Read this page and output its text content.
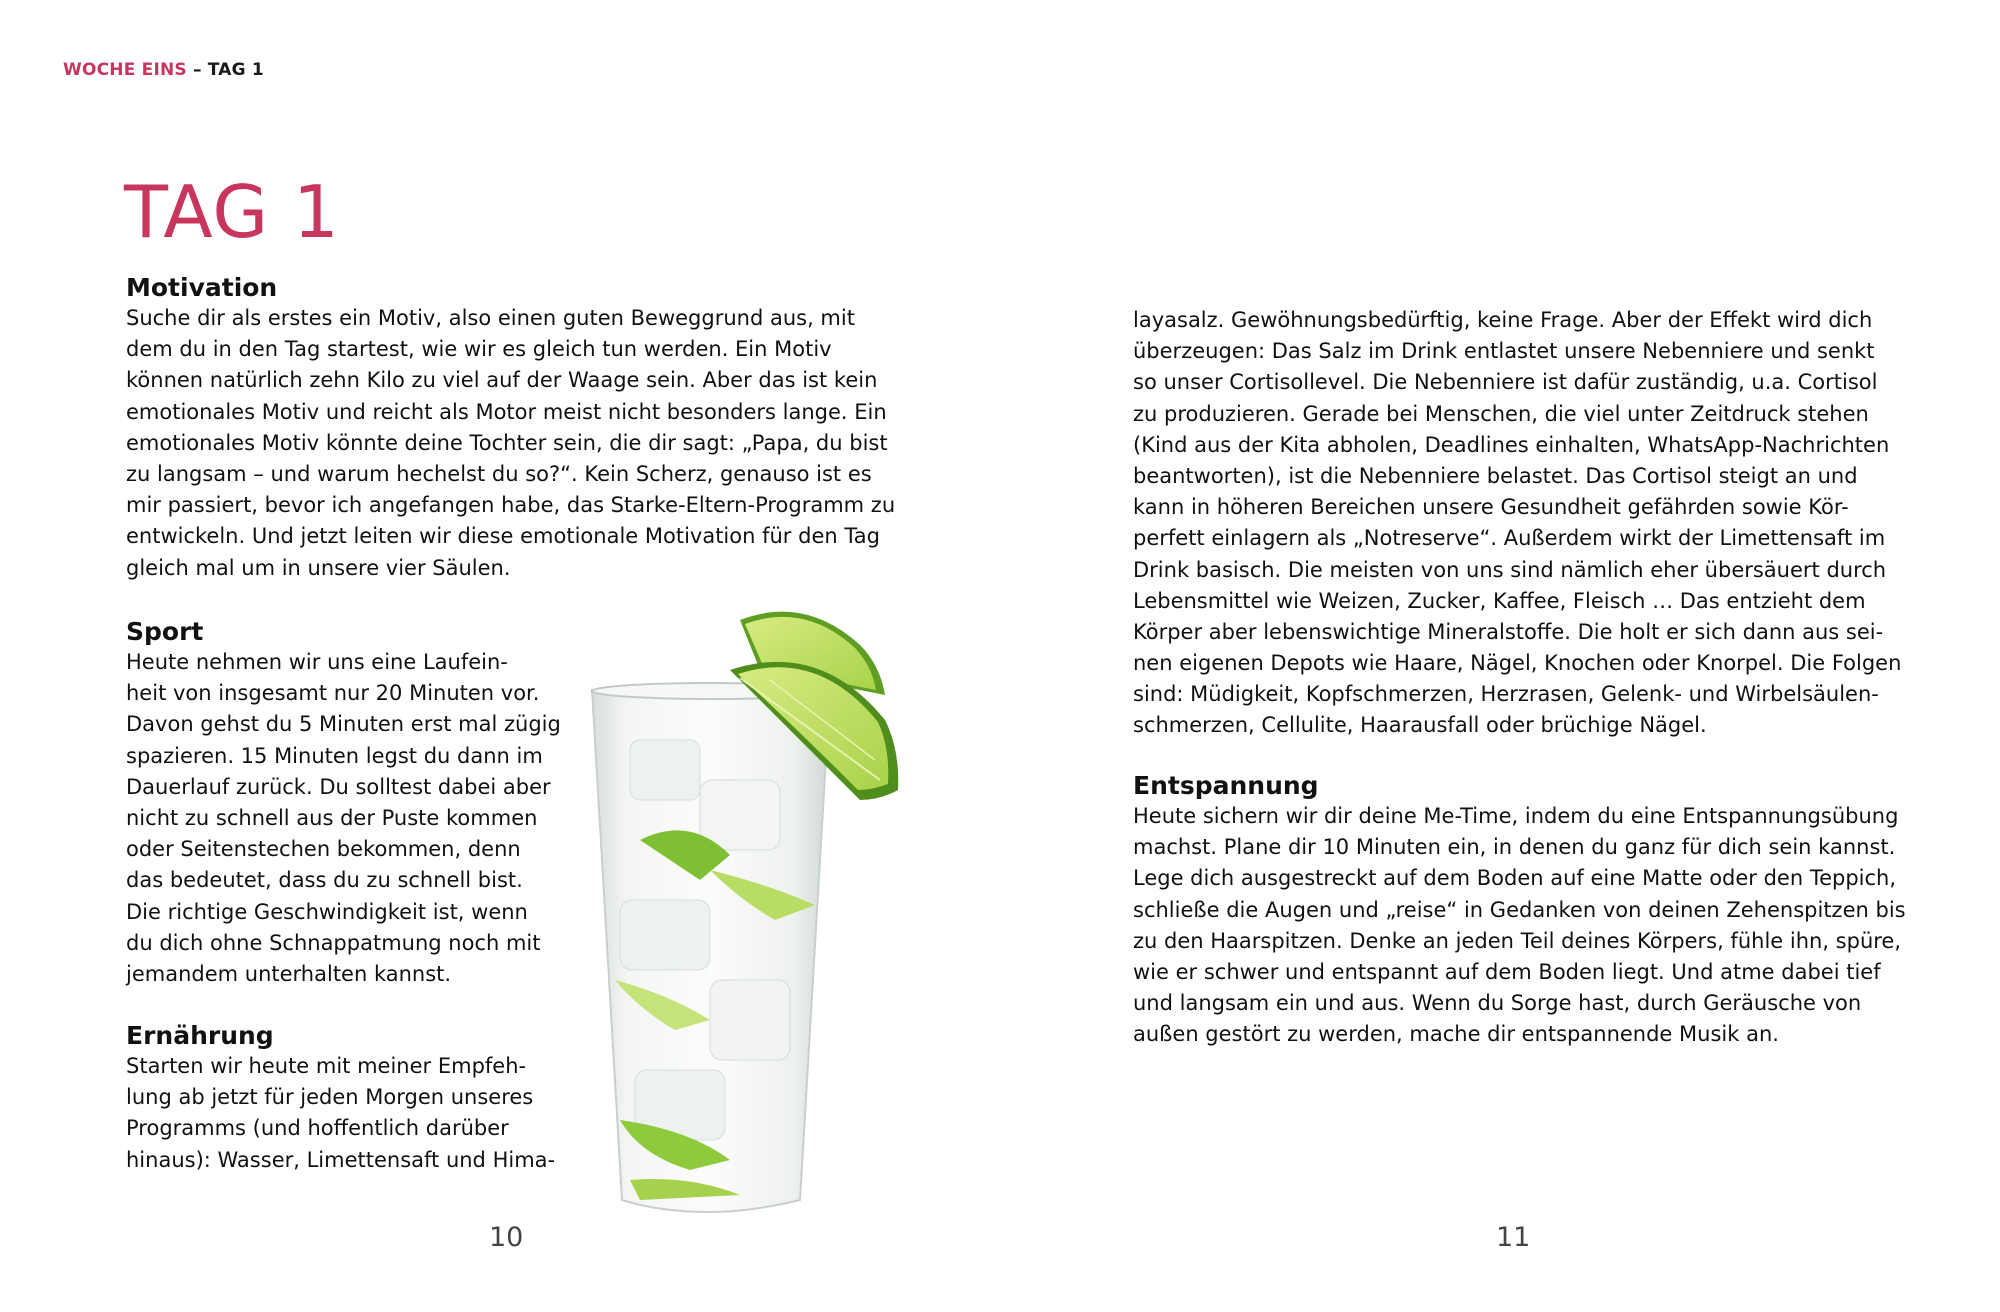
WOCHE EINS – TAG 1
TAG 1
Motivation

Suche dir als erstes ein Motiv, also einen guten Beweggrund aus, mit
dem du in den Tag startest, wie wir es gleich tun werden. Ein Motiv
können natürlich zehn Kilo zu viel auf der Waage sein. Aber das ist kein
emotionales Motiv und reicht als Motor meist nicht besonders lange. Ein
emotionales Motiv könnte deine Tochter sein, die dir sagt: „Papa, du bist
zu langsam – und warum hechelst du so?“. Kein Scherz, genauso ist es
mir passiert, bevor ich angefangen habe, das Starke-Eltern-Programm zu
entwickeln. Und jetzt leiten wir diese emotionale Motivation für den Tag
gleich mal um in unsere vier Säulen.

Sport

Heute nehmen wir uns eine Laufein-
heit von insgesamt nur 20 Minuten vor.
Davon gehst du 5 Minuten erst mal zügig
spazieren. 15 Minuten legst du dann im
Dauerlauf zurück. Du solltest dabei aber
nicht zu schnell aus der Puste kommen
oder Seitenstechen bekommen, denn
das bedeutet, dass du zu schnell bist.
Die richtige Geschwindigkeit ist, wenn
du dich ohne Schnappatmung noch mit
jemandem unterhalten kannst.

Ernährung

Starten wir heute mit meiner Empfeh-
lung ab jetzt für jeden Morgen unseres
Programms (und hoffentlich darüber
hinaus): Wasser, Limettensaft und Hima-

layasalz. Gewöhnungsbedürftig, keine Frage. Aber der Effekt wird dich
überzeugen: Das Salz im Drink entlastet unsere Nebenniere und senkt
so unser Cortisollevel. Die Nebenniere ist dafür zuständig, u.a. Cortisol
zu produzieren. Gerade bei Menschen, die viel unter Zeitdruck stehen
(Kind aus der Kita abholen, Deadlines einhalten, WhatsApp-Nachrichten
beantworten), ist die Nebenniere belastet. Das Cortisol steigt an und
kann in höheren Bereichen unsere Gesundheit gefährden sowie Kör-
perfett einlagern als „Notreserve“. Außerdem wirkt der Limettensaft im
Drink basisch. Die meisten von uns sind nämlich eher übersäuert durch
Lebensmittel wie Weizen, Zucker, Kaffee, Fleisch … Das entzieht dem
Körper aber lebenswichtige Mineralstoffe. Die holt er sich dann aus sei-
nen eigenen Depots wie Haare, Nägel, Knochen oder Knorpel. Die Folgen
sind: Müdigkeit, Kopfschmerzen, Herzrasen, Gelenk- und Wirbelsäulen-
schmerzen, Cellulite, Haarausfall oder brüchige Nägel.

Entspannung

Heute sichern wir dir deine Me-Time, indem du eine Entspannungsübung
machst. Plane dir 10 Minuten ein, in denen du ganz für dich sein kannst.
Lege dich ausgestreckt auf dem Boden auf eine Matte oder den Teppich,
schließe die Augen und „reise“ in Gedanken von deinen Zehenspitzen bis
zu den Haarspitzen. Denke an jeden Teil deines Körpers, fühle ihn, spüre,
wie er schwer und entspannt auf dem Boden liegt. Und atme dabei tief
und langsam ein und aus. Wenn du Sorge hast, durch Geräusche von
außen gestört zu werden, mache dir entspannende Musik an.

10	11
